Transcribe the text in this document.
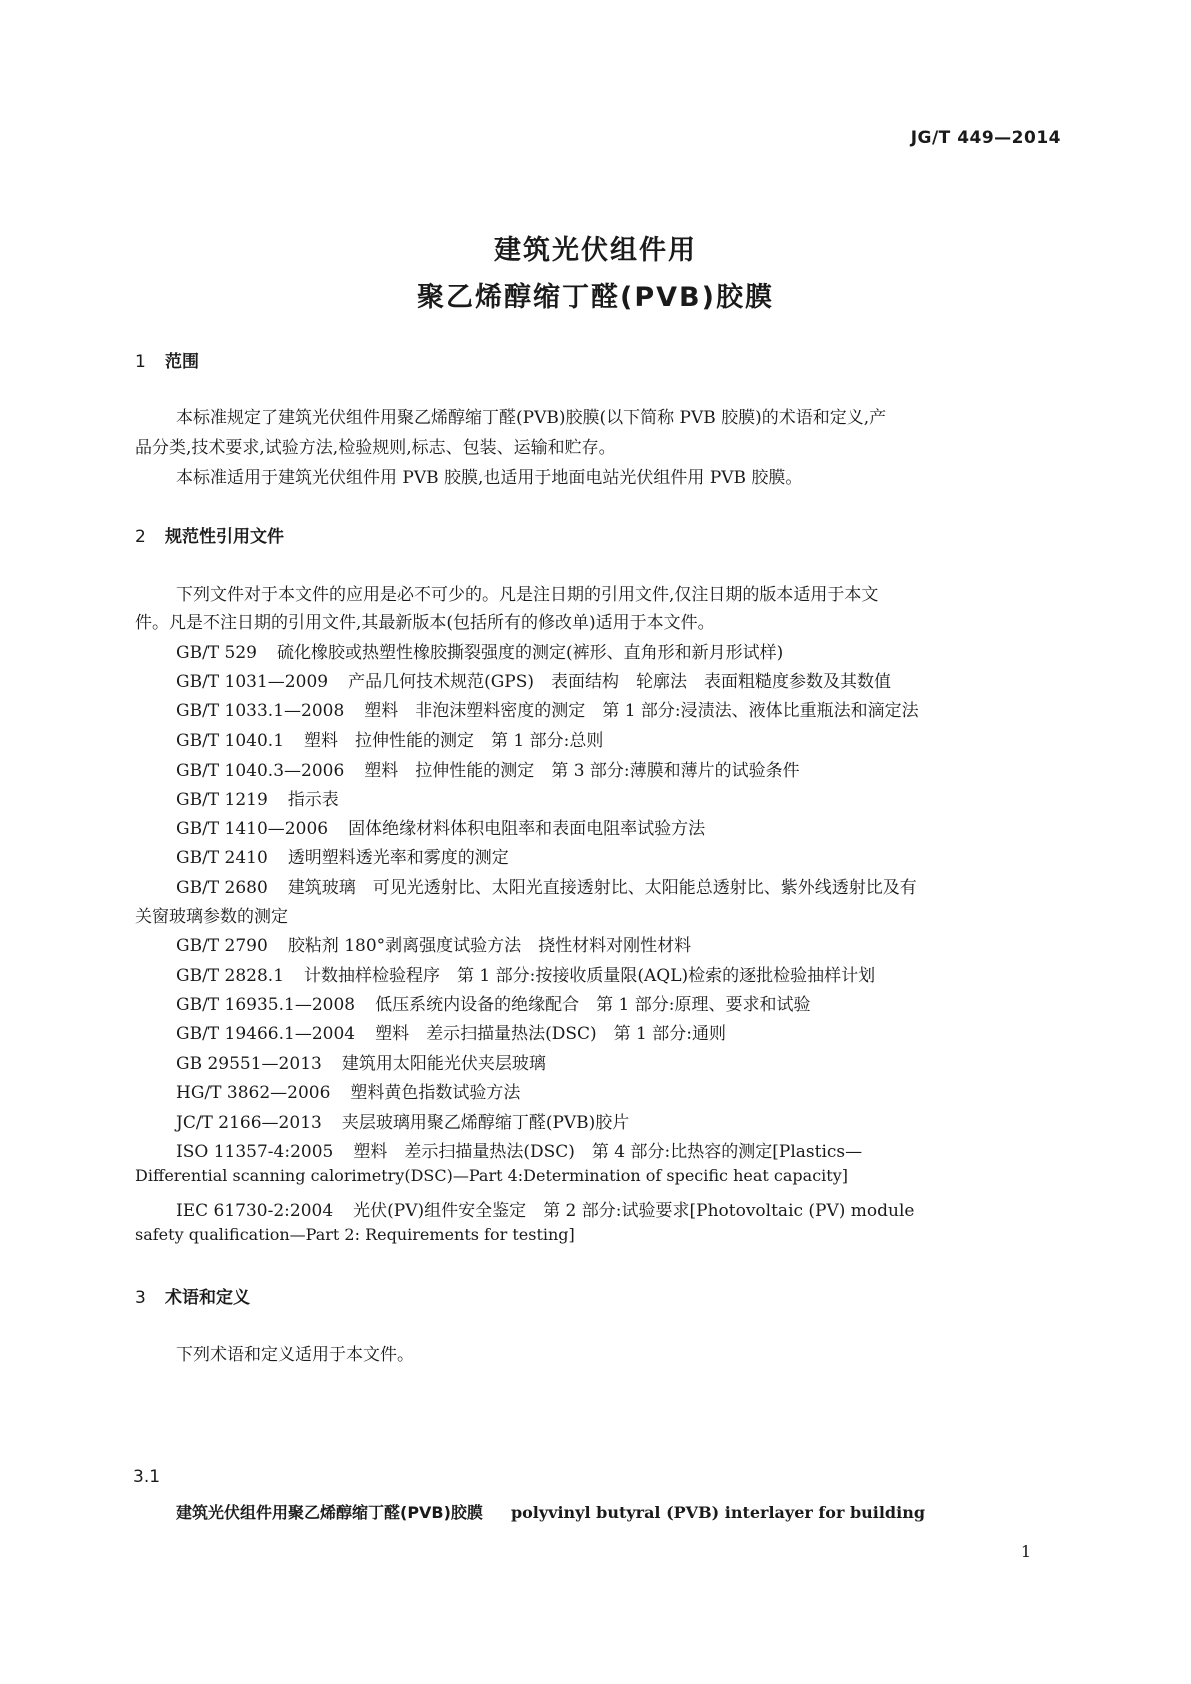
JG/T 449—2014
建筑光伏组件用
聚乙烯醇缩丁醛(PVB)胶膜
1 范围
本标准规定了建筑光伏组件用聚乙烯醇缩丁醛(PVB)胶膜(以下简称 PVB 胶膜)的术语和定义,产
品分类,技术要求,试验方法,检验规则,标志、包装、运输和贮存。
本标准适用于建筑光伏组件用 PVB 胶膜,也适用于地面电站光伏组件用 PVB 胶膜。
2 规范性引用文件
下列文件对于本文件的应用是必不可少的。凡是注日期的引用文件,仅注日期的版本适用于本文
件。凡是不注日期的引用文件,其最新版本(包括所有的修改单)适用于本文件。
GB/T 529 硫化橡胶或热塑性橡胶撕裂强度的测定(裤形、直角形和新月形试样)
GB/T 1031—2009 产品几何技术规范(GPS)　表面结构　轮廓法　表面粗糙度参数及其数值
GB/T 1033.1—2008 塑料　非泡沫塑料密度的测定　第 1 部分:浸渍法、液体比重瓶法和滴定法
GB/T 1040.1 塑料　拉伸性能的测定　第 1 部分:总则
GB/T 1040.3—2006 塑料　拉伸性能的测定　第 3 部分:薄膜和薄片的试验条件
GB/T 1219 指示表
GB/T 1410—2006 固体绝缘材料体积电阻率和表面电阻率试验方法
GB/T 2410 透明塑料透光率和雾度的测定
GB/T 2680 建筑玻璃　可见光透射比、太阳光直接透射比、太阳能总透射比、紫外线透射比及有
关窗玻璃参数的测定
GB/T 2790 胶粘剂 180°剥离强度试验方法　挠性材料对刚性材料
GB/T 2828.1 计数抽样检验程序　第 1 部分:按接收质量限(AQL)检索的逐批检验抽样计划
GB/T 16935.1—2008 低压系统内设备的绝缘配合　第 1 部分:原理、要求和试验
GB/T 19466.1—2004 塑料　差示扫描量热法(DSC)　第 1 部分:通则
GB 29551—2013 建筑用太阳能光伏夹层玻璃
HG/T 3862—2006 塑料黄色指数试验方法
JC/T 2166—2013 夹层玻璃用聚乙烯醇缩丁醛(PVB)胶片
ISO 11357-4:2005 塑料　差示扫描量热法(DSC)　第 4 部分:比热容的测定[Plastics—
Differential scanning calorimetry(DSC)—Part 4:Determination of specific heat capacity]
IEC 61730-2:2004 光伏(PV)组件安全鉴定　第 2 部分:试验要求[Photovoltaic (PV) module
safety qualification—Part 2: Requirements for testing]
3 术语和定义
下列术语和定义适用于本文件。
3.1
建筑光伏组件用聚乙烯醇缩丁醛(PVB)胶膜 polyvinyl butyral (PVB) interlayer for building
1
